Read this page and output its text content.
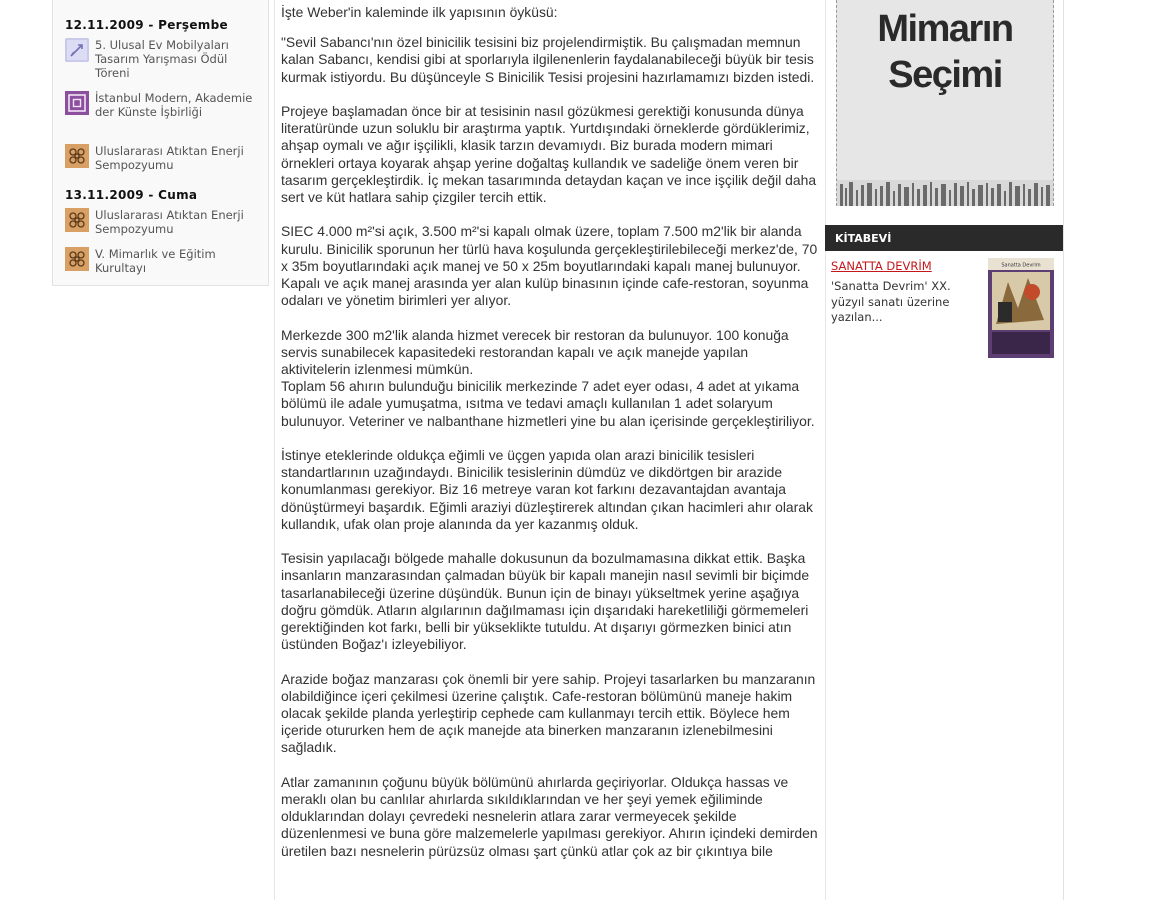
12.11.2009 - Perşembe
5. Ulusal Ev Mobilyaları Tasarım Yarışması Ödül Töreni
İstanbul Modern, Akademie der Künste İşbirliği
Uluslararası Atıktan Enerji Sempozyumu
13.11.2009 - Cuma
Uluslararası Atıktan Enerji Sempozyumu
V. Mimarlık ve Eğitim Kurultayı

İşte Weber'in kaleminde ilk yapısının öyküsü:

"Sevil Sabancı'nın özel binicilik tesisini biz projelendirmiştik. Bu çalışmadan memnun kalan Sabancı, kendisi gibi at sporlarıyla ilgilenenlerin faydalanabileceği büyük bir tesis kurmak istiyordu. Bu düşünceyle S Binicilik Tesisi projesini hazırlamamızı bizden istedi.

Projeye başlamadan önce bir at tesisinin nasıl gözükmesi gerektiği konusunda dünya literatüründe uzun soluklu bir araştırma yaptık. Yurtdışındaki örneklerde gördüklerimiz, ahşap oymalı ve ağır işçilikli, klasik tarzın devamıydı. Biz burada modern mimari örnekleri ortaya koyarak ahşap yerine doğaltaş kullandık ve sadeliğe önem veren bir tasarım gerçekleştirdik. İç mekan tasarımında detaydan kaçan ve ince işçilik değil daha sert ve küt hatlara sahip çizgiler tercih ettik.

SIEC 4.000 m²'si açık, 3.500 m²'si kapalı olmak üzere, toplam 7.500 m2'lik bir alanda kurulu. Binicilik sporunun her türlü hava koşulunda gerçekleştirilebileceği merkez'de, 70 x 35m boyutlarındaki açık manej ve 50 x 25m boyutlarındaki kapalı manej bulunuyor. Kapalı ve açık manej arasında yer alan kulüp binasının içinde cafe-restoran, soyunma odaları ve yönetim birimleri yer alıyor.

Merkezde 300 m2'lik alanda hizmet verecek bir restoran da bulunuyor. 100 konuğa servis sunabilecek kapasitedeki restorandan kapalı ve açık manejde yapılan aktivitelerin izlenmesi mümkün.
Toplam 56 ahırın bulunduğu binicilik merkezinde 7 adet eyer odası, 4 adet at yıkama bölümü ile adale yumuşatma, ısıtma ve tedavi amaçlı kullanılan 1 adet solaryum bulunuyor. Veteriner ve nalbanthane hizmetleri yine bu alan içerisinde gerçekleştiriliyor.

İstinye eteklerinde oldukça eğimli ve üçgen yapıda olan arazi binicilik tesisleri standartlarının uzağındaydı. Binicilik tesislerinin dümdüz ve dikdörtgen bir arazide konumlanması gerekiyor. Biz 16 metreye varan kot farkını dezavantajdan avantaja dönüştürmeyi başardık. Eğimli araziyi düzleştirerek altından çıkan hacimleri ahır olarak kullandık, ufak olan proje alanında da yer kazanmış olduk.

Tesisin yapılacağı bölgede mahalle dokusunun da bozulmamasına dikkat ettik. Başka insanların manzarasından çalmadan büyük bir kapalı manejin nasıl sevimli bir biçimde tasarlanabileceği üzerine düşündük. Bunun için de binayı yükseltmek yerine aşağıya doğru gömdük. Atların algılarının dağılmaması için dışarıdaki hareketliliği görmemeleri gerektiğinden kot farkı, belli bir yükseklikte tutuldu. At dışarıyı görmezken binici atın üstünden Boğaz'ı izleyebiliyor.

Arazide boğaz manzarası çok önemli bir yere sahip. Projeyi tasarlarken bu manzaranın olabildiğince içeri çekilmesi üzerine çalıştık. Cafe-restoran bölümünü maneje hakim olacak şekilde planda yerleştirip cephede cam kullanmayı tercih ettik. Böylece hem içeride otururken hem de açık manejde ata binerken manzaranın izlenebilmesini sağladık.

Atlar zamanının çoğunu büyük bölümünü ahırlarda geçiriyorlar. Oldukça hassas ve meraklı olan bu canlılar ahırlarda sıkıldıklarından ve her şeyi yemek eğiliminde olduklarından dolayı çevredeki nesnelerin atlara zarar vermeyecek şekilde düzenlenmesi ve buna göre malzemelerle yapılması gerekiyor. Ahırın içindeki demirden üretilen bazı nesnelerin pürüzsüz olması şart çünkü atlar çok az bir çıkıntıya bile

Mimarın
Seçimi
KİTABEVİ
SANATTA DEVRİM
'Sanatta Devrim' XX. yüzyıl sanatı üzerine yazılan...
Sanatta Devrim
